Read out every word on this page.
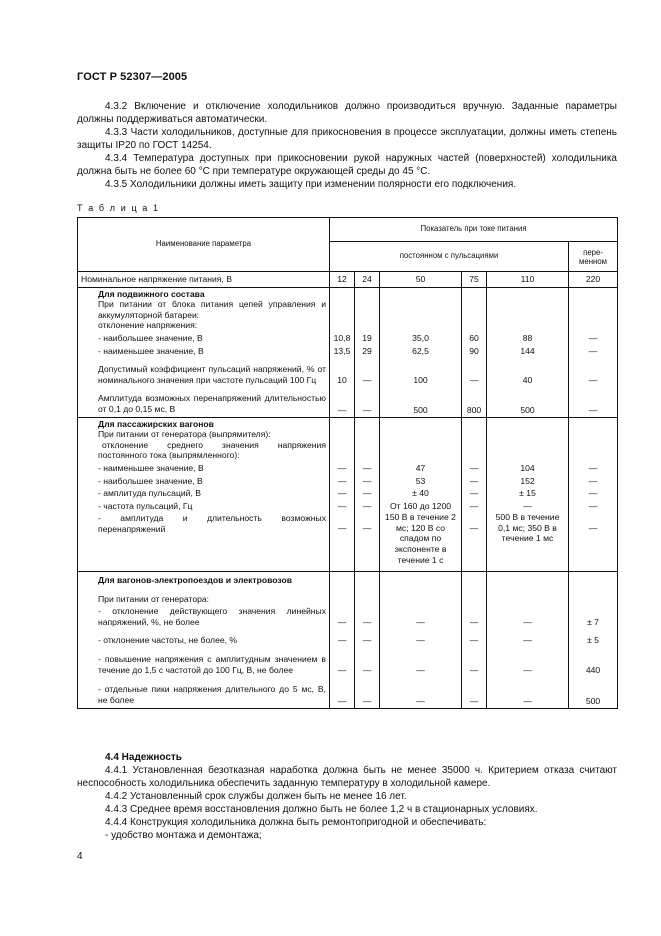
ГОСТ Р 52307—2005
4.3.2 Включение и отключение холодильников должно производиться вручную. Заданные параметры должны поддерживаться автоматически.
4.3.3 Части холодильников, доступные для прикосновения в процессе эксплуатации, должны иметь степень защиты IP20 по ГОСТ 14254.
4.3.4 Температура доступных при прикосновении рукой наружных частей (поверхностей) холодильника должна быть не более 60 °С при температуре окружающей среды до 45 °С.
4.3.5 Холодильники должны иметь защиту при изменении полярности его подключения.
Т а б л и ц а 1
Наименование параметра	Показатель при токе питания					
	постоянном с пульсациями					пере-менном
Номинальное напряжение питания, В	12	24	50	75	110	220

Для подвижного состава
При питании от блока питания цепей управления и аккумуляторной батареи:
отклонение напряжения:						

- наибольшее значение, В	10,8	19	35,0	60	88	—
- наименьшее значение, В	13,5	29	62,5	90	144	—
Допустимый коэффициент пульсаций напряжений, % от номинального значения при частоте пульсаций 100 Гц	10	—	100	—	40	—
Амплитуда возможных перенапряжений длительностью от 0,1 до 0,15 мс, В	—	—	500	800	500	—

Для пассажирских вагонов
При питании от генератора (выпрямителя):
отклонение среднего значения напряжения постоянного тока (выпрямленного):						

- наименьшее значение, В	—	—	47	—	104	—
- наибольшее значение, В	—	—	53	—	152	—
- амплитуда пульсаций, В	—	—	± 40	—	± 15	—
- частота пульсаций, Гц	—	—	От 160 до 1200	—	—	—
- амплитуда и длительность возможных перенапряжений	—	—	150 В в течение 2 мс; 120 В со спадом по экспоненте в течение 1 с	—	500 В в течение 0,1 мс; 350 В в течение 1 мс	—

Для вагонов-электропоездов и электровозов
При питании от генератора:						

- отклонение действующего значения линейных напряжений, %, не более	—	—	—	—	—	± 7
- отклонение частоты, не более, %	—	—	—	—	—	± 5
- повышение напряжения с амплитудным значением в течение до 1,5 с частотой до 100 Гц, В, не более	—	—	—	—	—	440
- отдельные пики напряжения длительного до 5 мс, В, не более	—	—	—	—	—	500
4.4 Надежность
4.4.1 Установленная безотказная наработка должна быть не менее 35000 ч. Критерием отказа считают неспособность холодильника обеспечить заданную температуру в холодильной камере.
4.4.2 Установленный срок службы должен быть не менее 16 лет.
4.4.3 Среднее время восстановления должно быть не более 1,2 ч в стационарных условиях.
4.4.4 Конструкция холодильника должна быть ремонтопригодной и обеспечивать:
- удобство монтажа и демонтажа;
4
